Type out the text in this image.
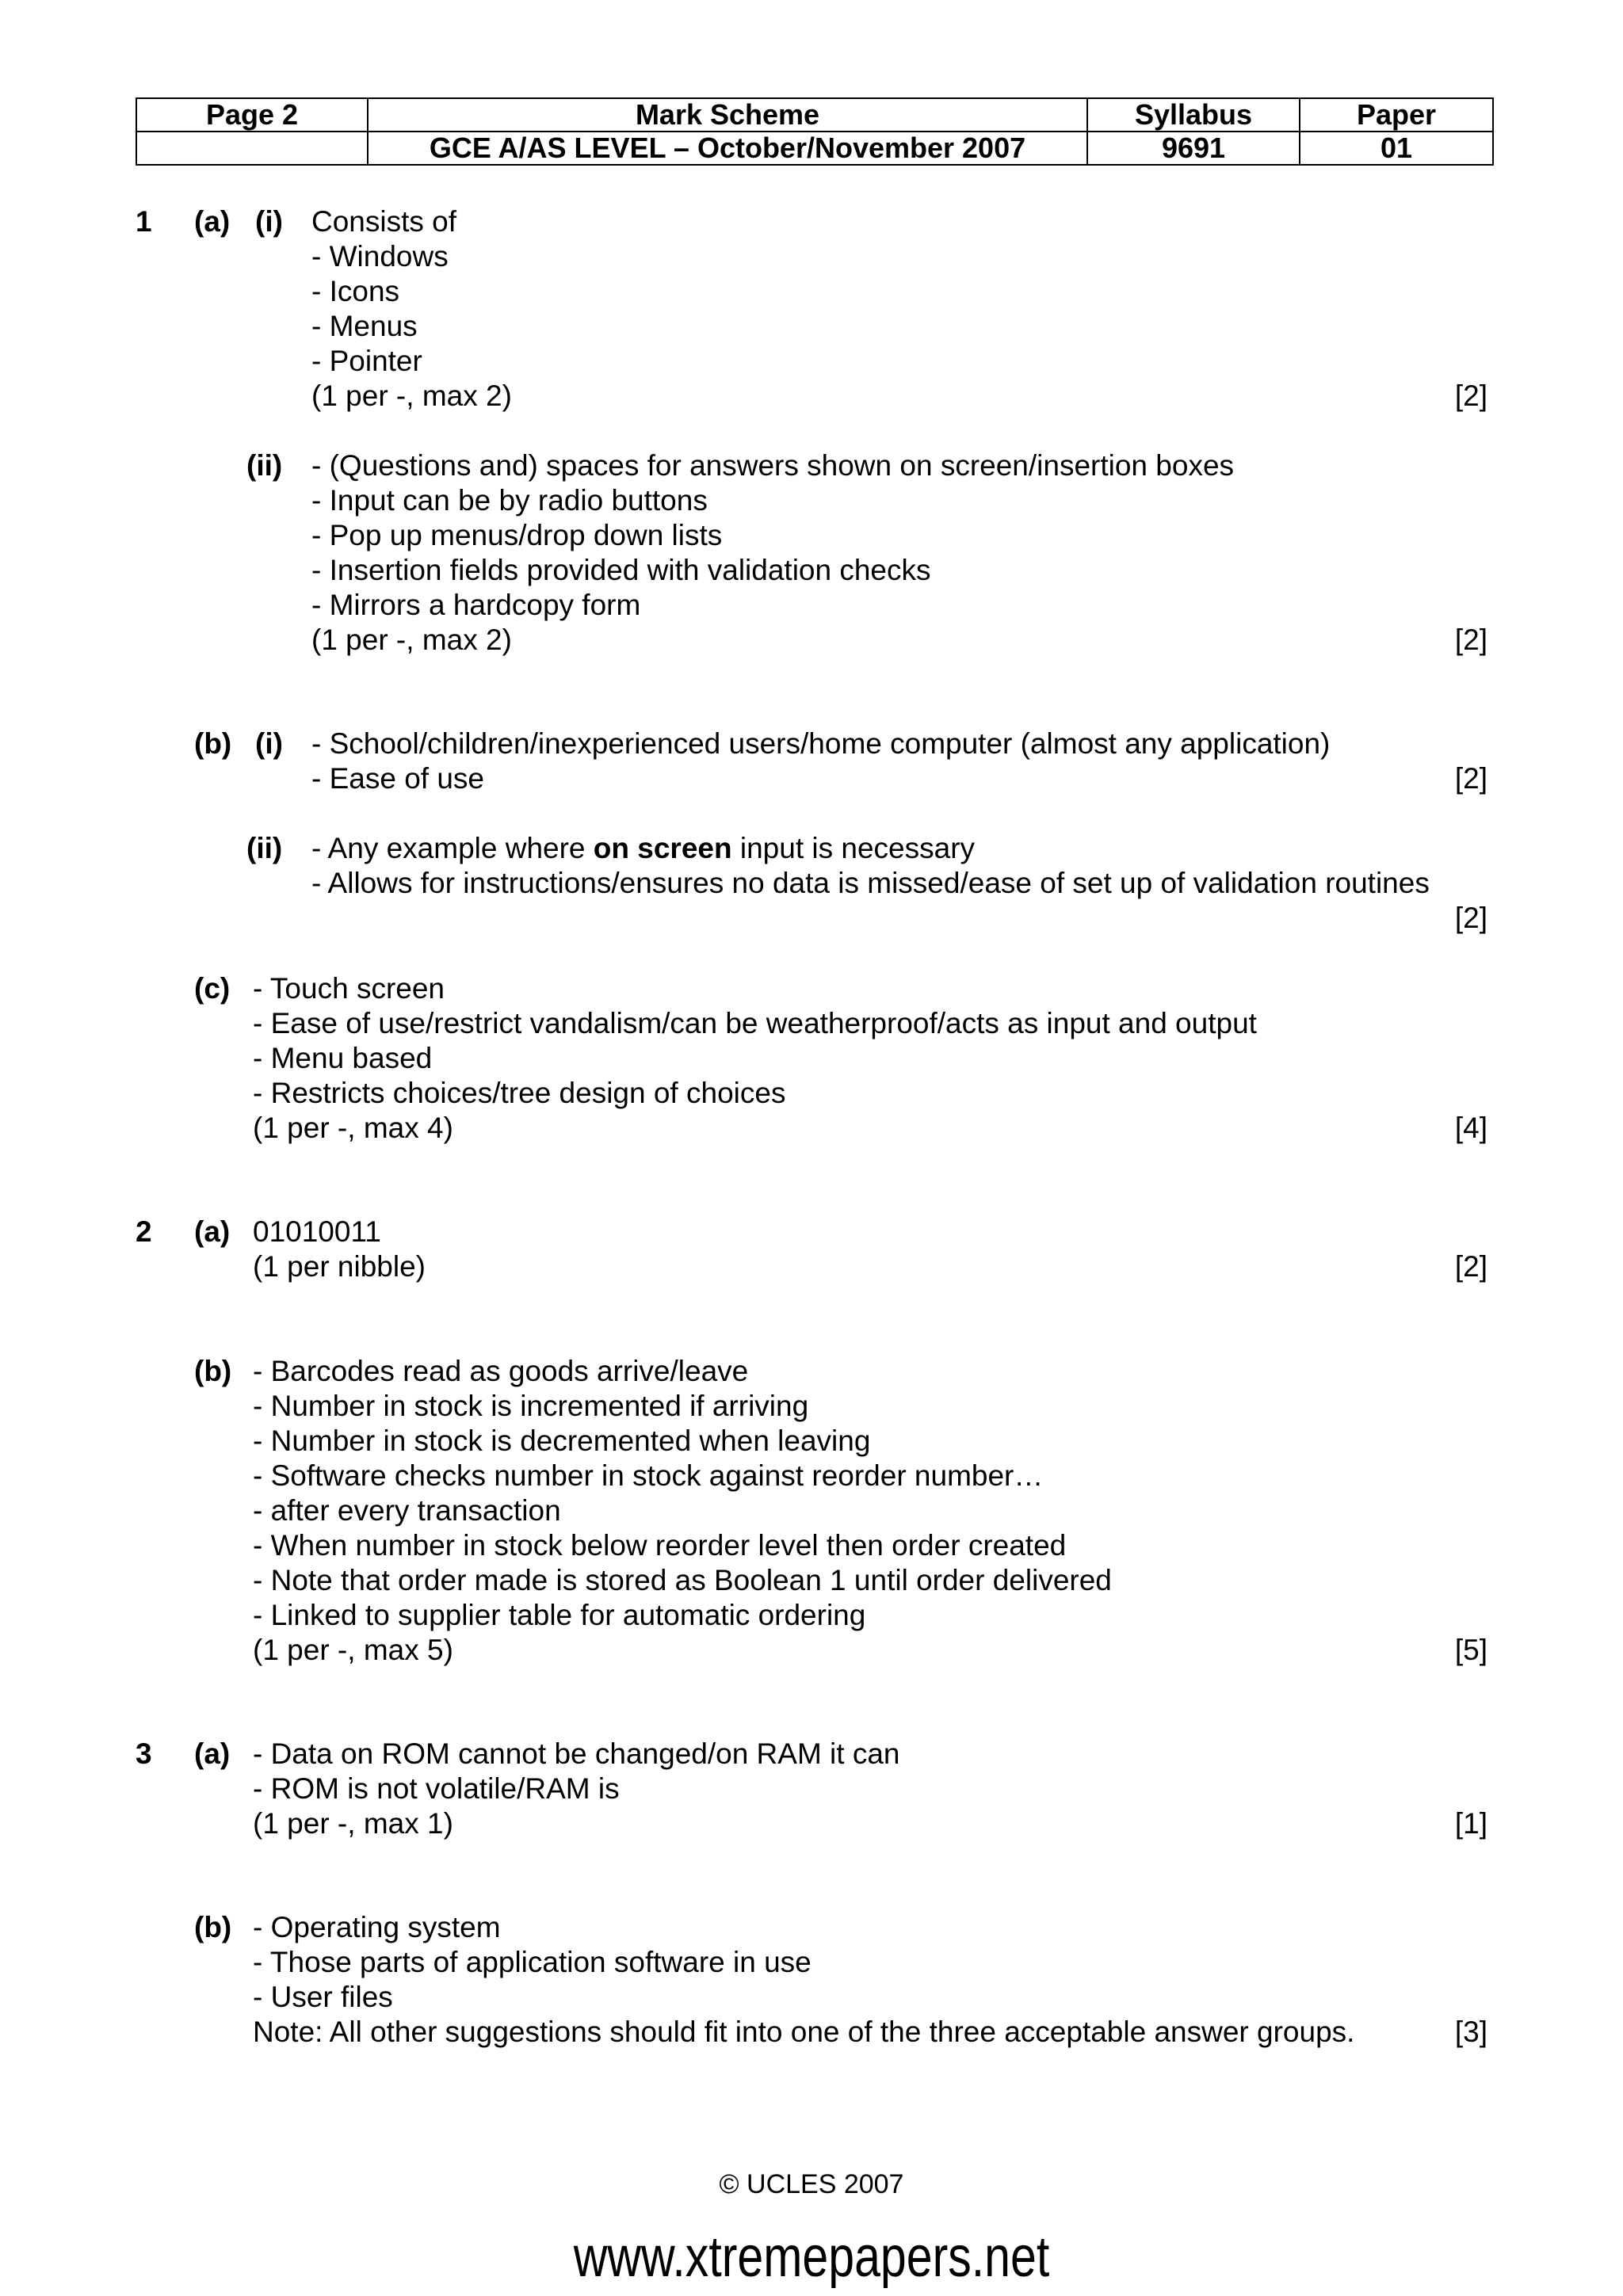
Page 2	Mark Scheme	Syllabus	Paper
	GCE A/AS LEVEL – October/November 2007	9691	01
1 (a) (i) Consists of
- Windows
- Icons
- Menus
- Pointer
(1 per -, max 2)	[2]
(ii) - (Questions and) spaces for answers shown on screen/insertion boxes
- Input can be by radio buttons
- Pop up menus/drop down lists
- Insertion fields provided with validation checks
- Mirrors a hardcopy form
(1 per -, max 2)	[2]
(b) (i) - School/children/inexperienced users/home computer (almost any application)
- Ease of use	[2]
(ii) - Any example where on screen input is necessary
- Allows for instructions/ensures no data is missed/ease of set up of validation routines
[2]
(c) - Touch screen
- Ease of use/restrict vandalism/can be weatherproof/acts as input and output
- Menu based
- Restricts choices/tree design of choices
(1 per -, max 4)	[4]
2 (a) 01010011
(1 per nibble)	[2]
(b) - Barcodes read as goods arrive/leave
- Number in stock is incremented if arriving
- Number in stock is decremented when leaving
- Software checks number in stock against reorder number…
- after every transaction
- When number in stock below reorder level then order created
- Note that order made is stored as Boolean 1 until order delivered
- Linked to supplier table for automatic ordering
(1 per -, max 5)	[5]
3 (a) - Data on ROM cannot be changed/on RAM it can
- ROM is not volatile/RAM is
(1 per -, max 1)	[1]
(b) - Operating system
- Those parts of application software in use
- User files
Note: All other suggestions should fit into one of the three acceptable answer groups.	[3]
© UCLES 2007
www.xtremepapers.net
